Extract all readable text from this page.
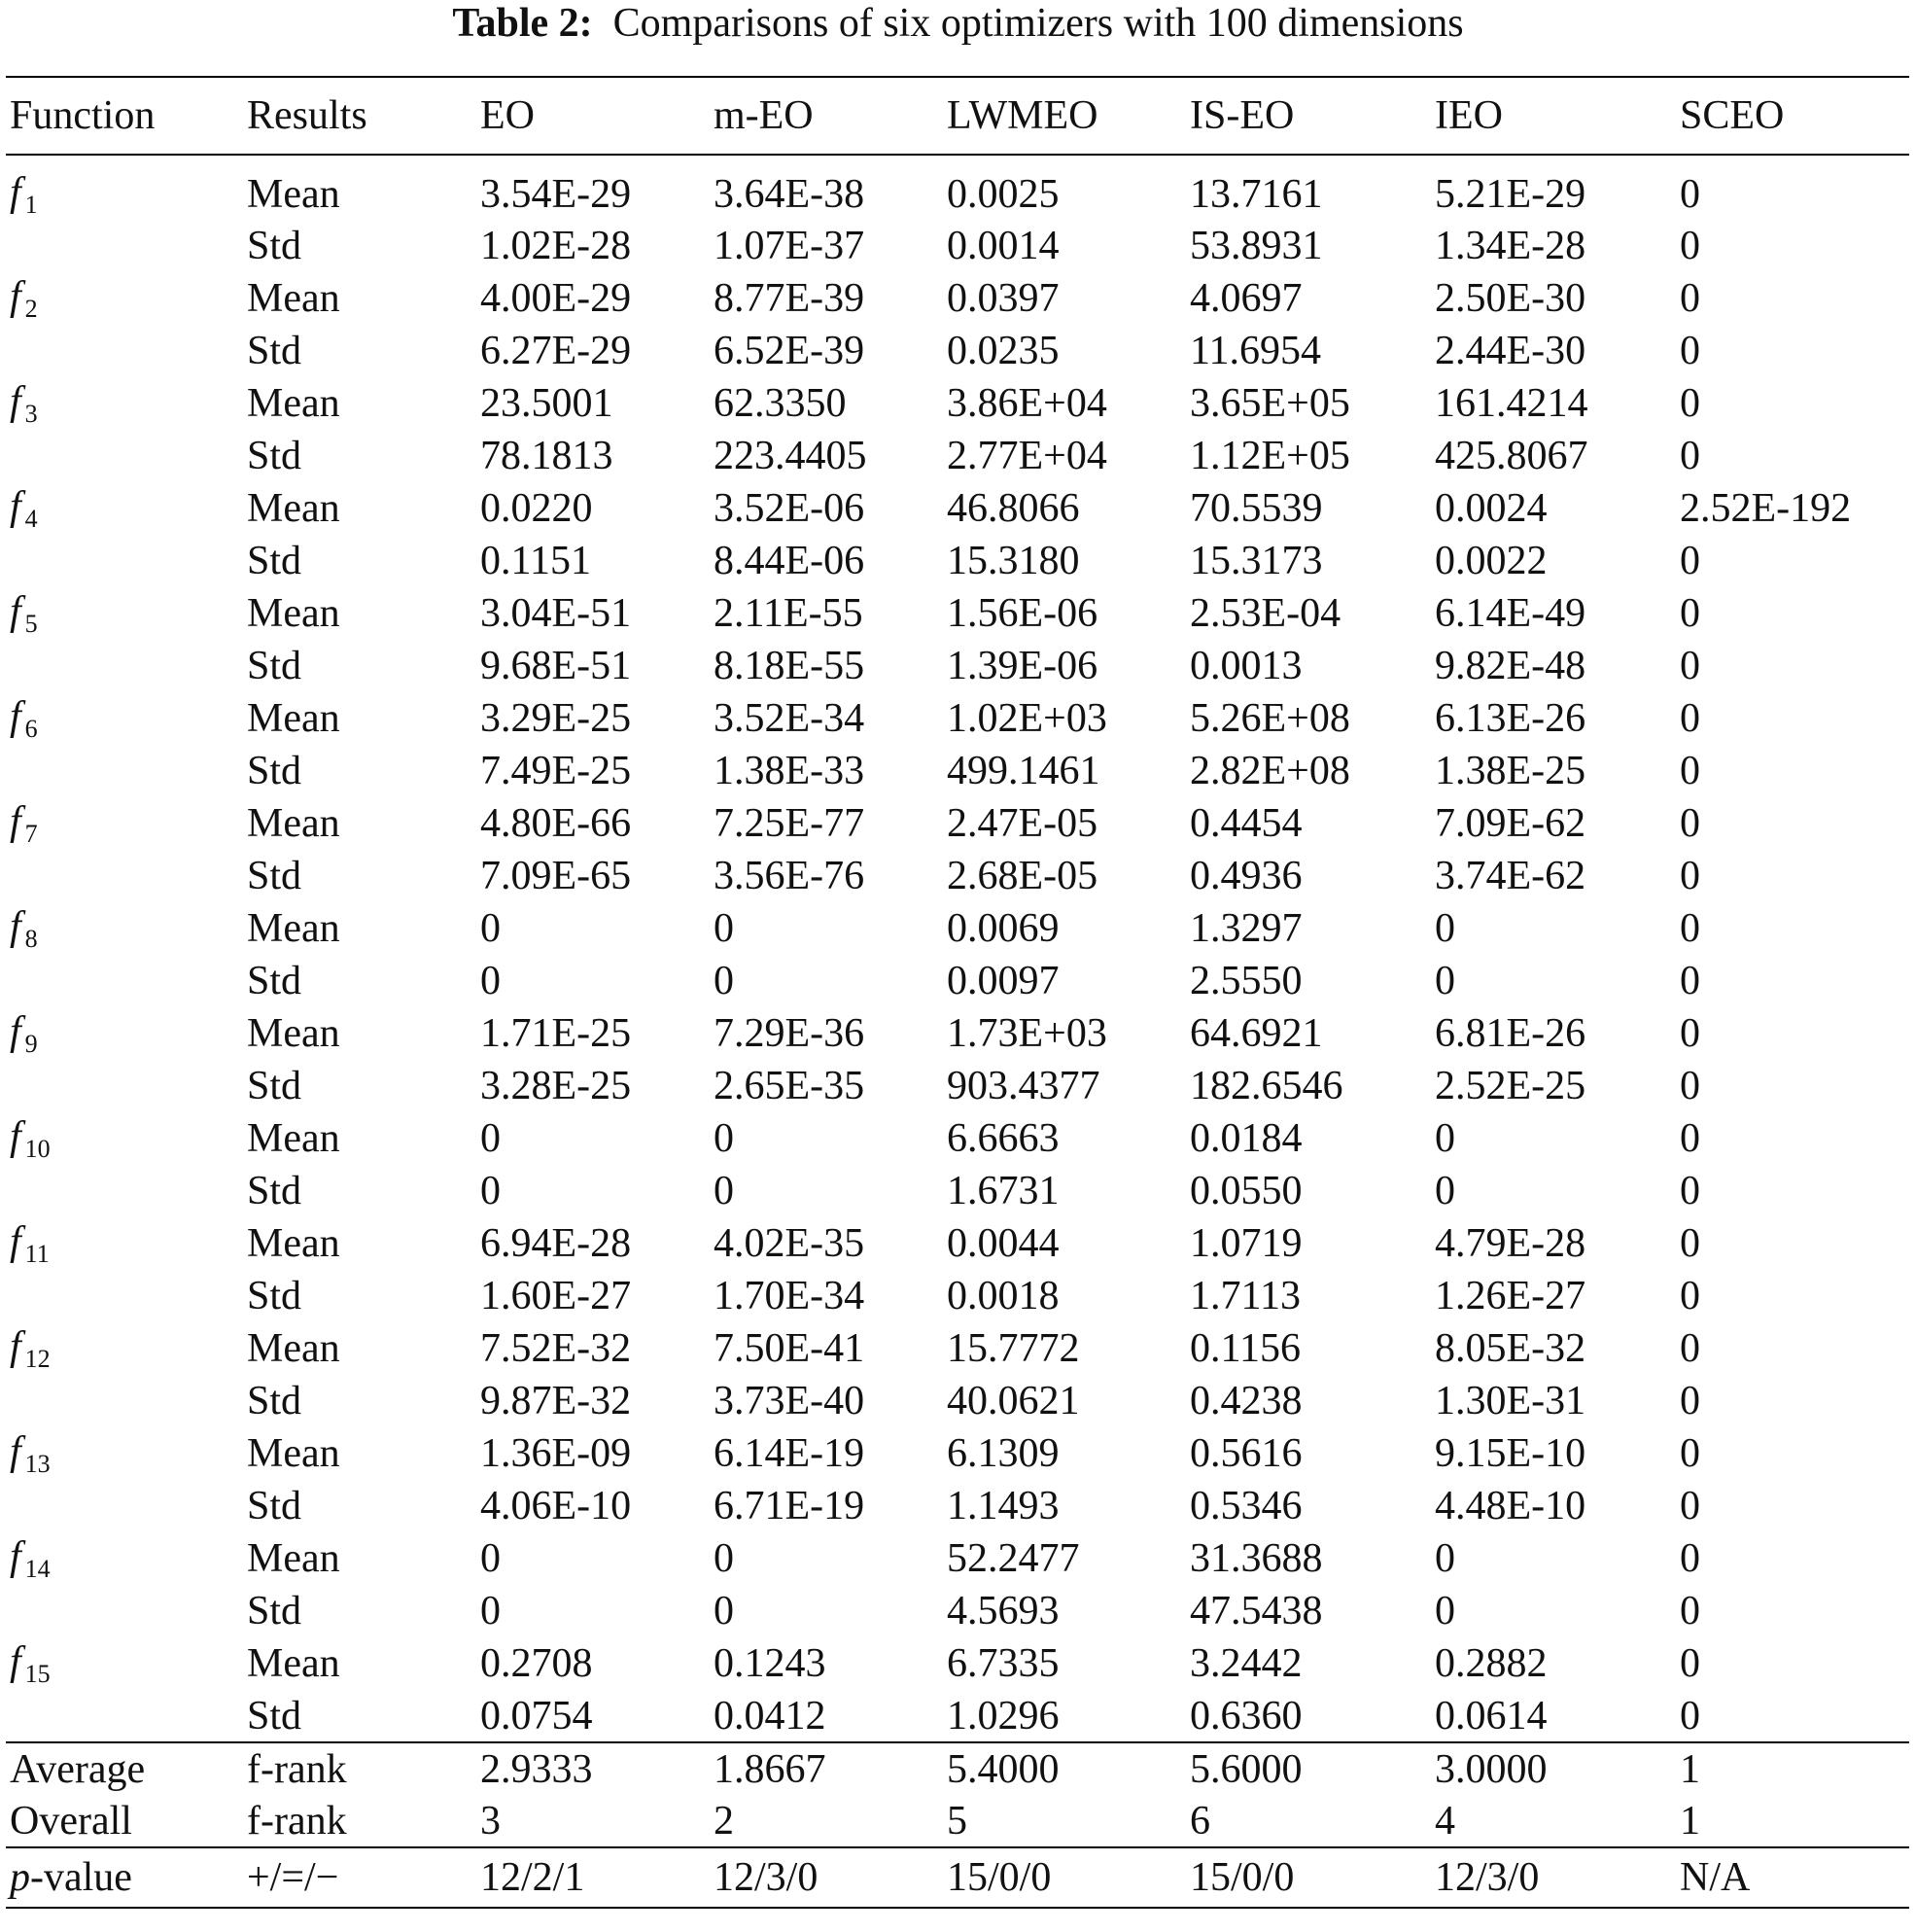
Table 2: Comparisons of six optimizers with 100 dimensions
Function	Results	EO	m-EO	LWMEO	IS-EO	IEO	SCEO
f $_1$	Mean	3.54E-29	3.64E-38	0.0025	13.7161	5.21E-29	0
	Std	1.02E-28	1.07E-37	0.0014	53.8931	1.34E-28	0
f $_2$	Mean	4.00E-29	8.77E-39	0.0397	4.0697	2.50E-30	0
	Std	6.27E-29	6.52E-39	0.0235	11.6954	2.44E-30	0
f $_3$	Mean	23.5001	62.3350	3.86E+04	3.65E+05	161.4214	0
	Std	78.1813	223.4405	2.77E+04	1.12E+05	425.8067	0
f $_4$	Mean	0.0220	3.52E-06	46.8066	70.5539	0.0024	2.52E-192
	Std	0.1151	8.44E-06	15.3180	15.3173	0.0022	0
f $_5$	Mean	3.04E-51	2.11E-55	1.56E-06	2.53E-04	6.14E-49	0
	Std	9.68E-51	8.18E-55	1.39E-06	0.0013	9.82E-48	0
f $_6$	Mean	3.29E-25	3.52E-34	1.02E+03	5.26E+08	6.13E-26	0
	Std	7.49E-25	1.38E-33	499.1461	2.82E+08	1.38E-25	0
f $_7$	Mean	4.80E-66	7.25E-77	2.47E-05	0.4454	7.09E-62	0
	Std	7.09E-65	3.56E-76	2.68E-05	0.4936	3.74E-62	0
f $_8$	Mean	0	0	0.0069	1.3297	0	0
	Std	0	0	0.0097	2.5550	0	0
f $_9$	Mean	1.71E-25	7.29E-36	1.73E+03	64.6921	6.81E-26	0
	Std	3.28E-25	2.65E-35	903.4377	182.6546	2.52E-25	0
f $_{10}$	Mean	0	0	6.6663	0.0184	0	0
	Std	0	0	1.6731	0.0550	0	0
f $_{11}$	Mean	6.94E-28	4.02E-35	0.0044	1.0719	4.79E-28	0
	Std	1.60E-27	1.70E-34	0.0018	1.7113	1.26E-27	0
f $_{12}$	Mean	7.52E-32	7.50E-41	15.7772	0.1156	8.05E-32	0
	Std	9.87E-32	3.73E-40	40.0621	0.4238	1.30E-31	0
f $_{13}$	Mean	1.36E-09	6.14E-19	6.1309	0.5616	9.15E-10	0
	Std	4.06E-10	6.71E-19	1.1493	0.5346	4.48E-10	0
f $_{14}$	Mean	0	0	52.2477	31.3688	0	0
	Std	0	0	4.5693	47.5438	0	0
f $_{15}$	Mean	0.2708	0.1243	6.7335	3.2442	0.2882	0
	Std	0.0754	0.0412	1.0296	0.6360	0.0614	0
Average	f-rank	2.9333	1.8667	5.4000	5.6000	3.0000	1
Overall	f-rank	3	2	5	6	4	1
p-value	+/=/−	12/2/1	12/3/0	15/0/0	15/0/0	12/3/0	N/A
